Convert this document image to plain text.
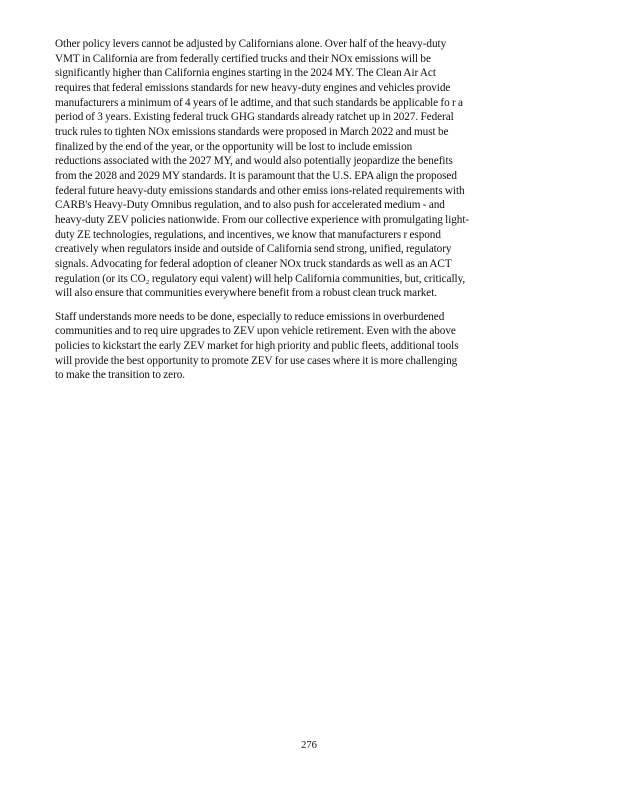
Other policy levers cannot be adjusted by Californians alone. Over half of the heavy-duty
VMT in California are from federally certified trucks and their NOx emissions will be
significantly higher than California engines starting in the 2024 MY. The Clean Air Act
requires that federal emissions standards for new heavy-duty engines and vehicles provide
manufacturers a minimum of 4 years of le adtime, and that such standards be applicable fo r a
period of 3 years. Existing federal truck GHG standards already ratchet up in 2027. Federal
truck rules to tighten NOx emissions standards were proposed in March 2022 and must be
finalized by the end of the year, or the opportunity will be lost to include emission
reductions associated with the 2027 MY, and would also potentially jeopardize the benefits
from the 2028 and 2029 MY standards. It is paramount that the U.S. EPA align the proposed
federal future heavy-duty emissions standards and other emiss ions-related requirements with
CARB's Heavy-Duty Omnibus regulation, and to also push for accelerated medium - and
heavy-duty ZEV policies nationwide. From our collective experience with promulgating light-
duty ZE technologies, regulations, and incentives, we know that manufacturers r espond
creatively when regulators inside and outside of California send strong, unified, regulatory
signals. Advocating for federal adoption of cleaner NOx truck standards as well as an ACT
regulation (or its CO₂ regulatory equi valent) will help California communities, but, critically,
will also ensure that communities everywhere benefit from a robust clean truck market.

Staff understands more needs to be done, especially to reduce emissions in overburdened
communities and to req uire upgrades to ZEV upon vehicle retirement. Even with the above
policies to kickstart the early ZEV market for high priority and public fleets, additional tools
will provide the best opportunity to promote ZEV for use cases where it is more challenging
to make the transition to zero.

276
